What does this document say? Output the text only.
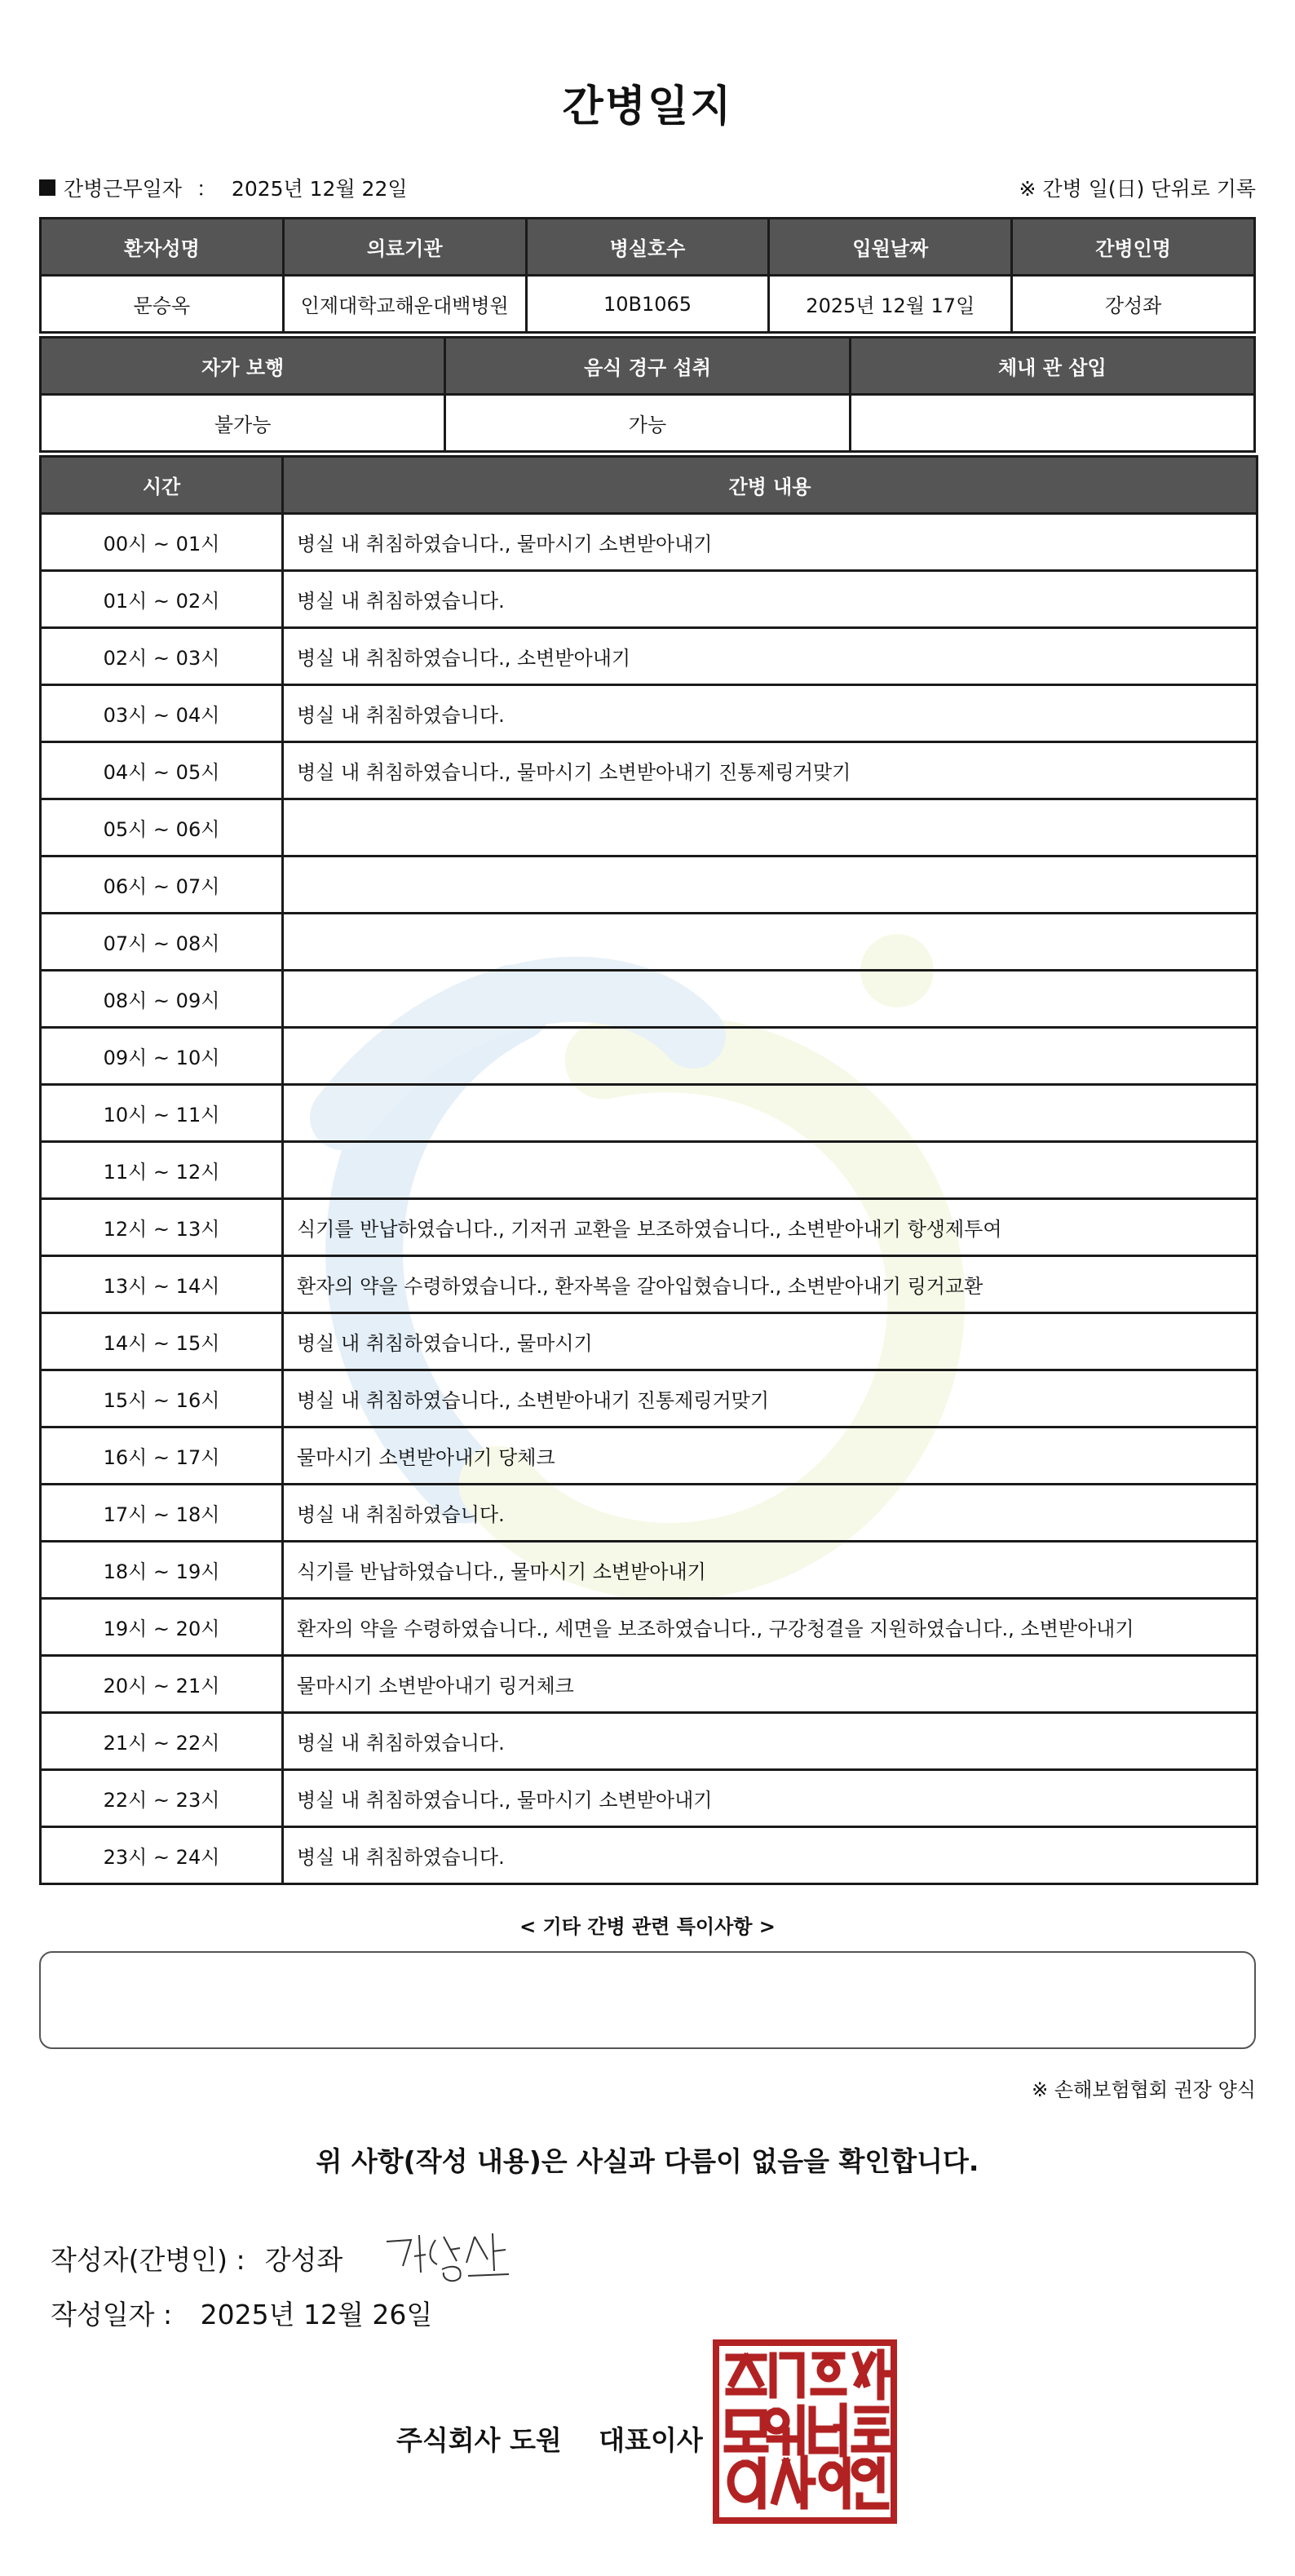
간병일지
간병근무일자 ： 2025년 12월 22일	※ 간병 일(日) 단위로 기록
환자성명	의료기관	병실호수	입원날짜	간병인명
문승옥	인제대학교해운대백병원	10B1065	2025년 12월 17일	강성좌
자가 보행	음식 경구 섭취	체내 관 삽입
불가능	가능	
시간	간병 내용
00시 ~ 01시	병실 내 취침하였습니다., 물마시기 소변받아내기
01시 ~ 02시	병실 내 취침하였습니다.
02시 ~ 03시	병실 내 취침하였습니다., 소변받아내기
03시 ~ 04시	병실 내 취침하였습니다.
04시 ~ 05시	병실 내 취침하였습니다., 물마시기 소변받아내기 진통제링거맞기
05시 ~ 06시	
06시 ~ 07시	
07시 ~ 08시	
08시 ~ 09시	
09시 ~ 10시	
10시 ~ 11시	
11시 ~ 12시	
12시 ~ 13시	식기를 반납하였습니다., 기저귀 교환을 보조하였습니다., 소변받아내기 항생제투여
13시 ~ 14시	환자의 약을 수령하였습니다., 환자복을 갈아입혔습니다., 소변받아내기 링거교환
14시 ~ 15시	병실 내 취침하였습니다., 물마시기
15시 ~ 16시	병실 내 취침하였습니다., 소변받아내기 진통제링거맞기
16시 ~ 17시	물마시기 소변받아내기 당체크
17시 ~ 18시	병실 내 취침하였습니다.
18시 ~ 19시	식기를 반납하였습니다., 물마시기 소변받아내기
19시 ~ 20시	환자의 약을 수령하였습니다., 세면을 보조하였습니다., 구강청결을 지원하였습니다., 소변받아내기
20시 ~ 21시	물마시기 소변받아내기 링거체크
21시 ~ 22시	병실 내 취침하였습니다.
22시 ~ 23시	병실 내 취침하였습니다., 물마시기 소변받아내기
23시 ~ 24시	병실 내 취침하였습니다.
< 기타 간병 관련 특이사항 >
※ 손해보험협회 권장 양식
위 사항(작성 내용)은 사실과 다름이 없음을 확인합니다.
작성자(간병인) : 강성좌
작성일자 : 2025년 12월 26일
주식회사 도원 대표이사
